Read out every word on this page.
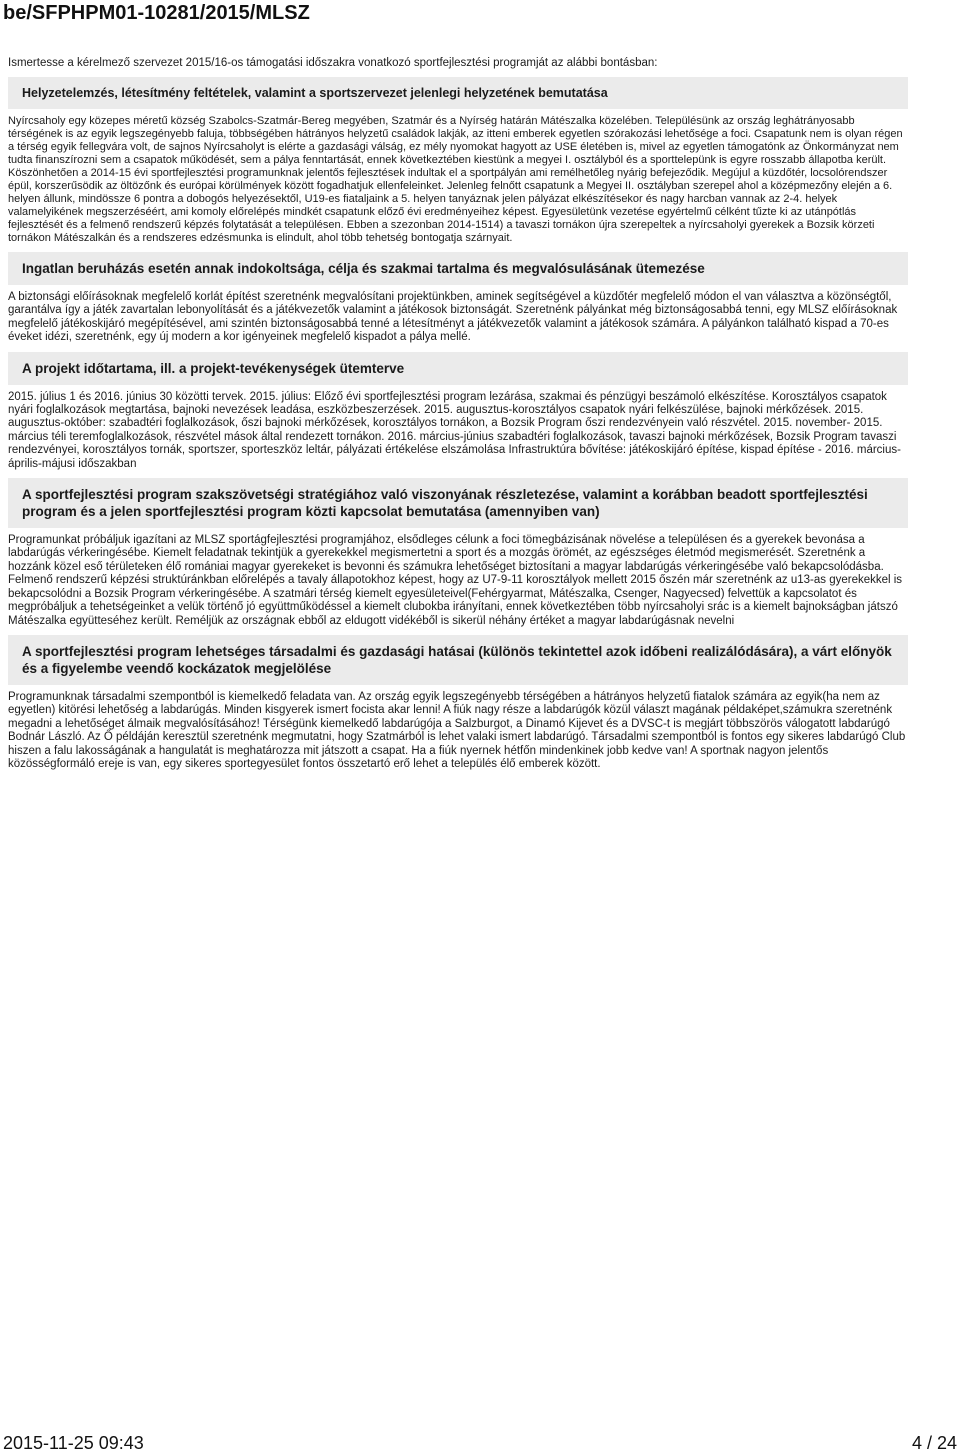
be/SFPHPM01-10281/2015/MLSZ

Ismertesse a kérelmező szervezet 2015/16-os támogatási időszakra vonatkozó sportfejlesztési programját az alábbi bontásban:

Helyzetelemzés, létesítmény feltételek, valamint a sportszervezet jelenlegi helyzetének bemutatása

Nyírcsaholy egy közepes méretű község Szabolcs-Szatmár-Bereg megyében, Szatmár és a Nyírség határán Mátészalka közelében. Településünk az ország leghátrányosabb térségének is az egyik legszegényebb faluja, többségében hátrányos helyzetű családok lakják, az itteni emberek egyetlen szórakozási lehetősége a foci. Csapatunk nem is olyan régen a térség egyik fellegvára volt, de sajnos Nyírcsaholyt is elérte a gazdasági válság, ez mély nyomokat hagyott az USE életében is, mivel az egyetlen támogatónk az Önkormányzat nem tudta finanszírozni sem a csapatok működését, sem a pálya fenntartását, ennek következtében kiestünk a megyei I. osztályból és a sporttelepünk is egyre rosszabb állapotba került. Köszönhetően a 2014-15 évi sportfejlesztési programunknak jelentős fejlesztések indultak el a sportpályán ami remélhetőleg nyárig befejeződik. Megújul a küzdőtér, locsolórendszer épül, korszerűsödik az öltözőnk és európai körülmények között fogadhatjuk ellenfeleinket. Jelenleg felnőtt csapatunk a Megyei II. osztályban szerepel ahol a középmezőny elején a 6. helyen állunk, mindössze 6 pontra a dobogós helyezésektől, U19-es fiataljaink a 5. helyen tanyáznak jelen pályázat elkészítésekor és nagy harcban vannak az 2-4. helyek valamelyikének megszerzéséért, ami komoly előrelépés mindkét csapatunk előző évi eredményeihez képest. Egyesületünk vezetése egyértelmű célként tűzte ki az utánpótlás fejlesztését és a felmenő rendszerű képzés folytatását a településen. Ebben a szezonban 2014-1514) a tavaszi tornákon újra szerepeltek a nyírcsaholyi gyerekek a Bozsik körzeti tornákon Mátészalkán és a rendszeres edzésmunka is elindult, ahol több tehetség bontogatja szárnyait.

Ingatlan beruházás esetén annak indokoltsága, célja és szakmai tartalma és megvalósulásának ütemezése

A biztonsági előírásoknak megfelelő korlát építést szeretnénk megvalósítani projektünkben, aminek segítségével a küzdőtér megfelelő módon el van választva a közönségtől, garantálva így a játék zavartalan lebonyolítását és a játékvezetők valamint a játékosok biztonságát. Szeretnénk pályánkat még biztonságosabbá tenni, egy MLSZ előírásoknak megfelelő játékoskijáró megépítésével, ami szintén biztonságosabbá tenné a létesítményt a játékvezetők valamint a játékosok számára. A pályánkon található kispad a 70-es éveket idézi, szeretnénk, egy új modern a kor igényeinek megfelelő kispadot a pálya mellé.

A projekt időtartama, ill. a projekt-tevékenységek ütemterve

2015. július 1 és 2016. június 30 közötti tervek. 2015. július: Előző évi sportfejlesztési program lezárása, szakmai és pénzügyi beszámoló elkészítése. Korosztályos csapatok nyári foglalkozások megtartása, bajnoki nevezések leadása, eszközbeszerzések. 2015. augusztus-korosztályos csapatok nyári felkészülése, bajnoki mérkőzések. 2015. augusztus-október: szabadtéri foglalkozások, őszi bajnoki mérkőzések, korosztályos tornákon, a Bozsik Program őszi rendezvényein való részvétel. 2015. november- 2015. március téli teremfoglalkozások, részvétel mások által rendezett tornákon. 2016. március-június szabadtéri foglalkozások, tavaszi bajnoki mérkőzések, Bozsik Program tavaszi rendezvényei, korosztályos tornák, sportszer, sporteszköz leltár, pályázati értékelése elszámolása Infrastruktúra bővítése: játékoskijáró építése, kispad építése - 2016. március-április-májusi időszakban

A sportfejlesztési program szakszövetségi stratégiához való viszonyának részletezése, valamint a korábban beadott sportfejlesztési program és a jelen sportfejlesztési program közti kapcsolat bemutatása (amennyiben van)

Programunkat próbáljuk igazítani az MLSZ sportágfejlesztési programjához, elsődleges célunk a foci tömegbázisának növelése a településen és a gyerekek bevonása a labdarúgás vérkeringésébe. Kiemelt feladatnak tekintjük a gyerekekkel megismertetni a sport és a mozgás örömét, az egészséges életmód megismerését. Szeretnénk a hozzánk közel eső térületeken élő romániai magyar gyerekeket is bevonni és számukra lehetőséget biztosítani a magyar labdarúgás vérkeringésébe való bekapcsolódásba. Felmenő rendszerű képzési struktúránkban előrelépés a tavaly állapotokhoz képest, hogy az U7-9-11 korosztályok mellett 2015 őszén már szeretnénk az u13-as gyerekekkel is bekapcsolódni a Bozsik Program vérkeringésébe. A szatmári térség kiemelt egyesületeivel(Fehérgyarmat, Mátészalka, Csenger, Nagyecsed) felvettük a kapcsolatot és megpróbáljuk a tehetségeinket a velük történő jó együttműködéssel a kiemelt clubokba irányítani, ennek következtében több nyírcsaholyi srác is a kiemelt bajnokságban játszó Mátészalka együtteséhez került. Reméljük az országnak ebből az eldugott vidékéből is sikerül néhány értéket a magyar labdarúgásnak nevelni

A sportfejlesztési program lehetséges társadalmi és gazdasági hatásai (különös tekintettel azok időbeni realizálódására), a várt előnyök és a figyelembe veendő kockázatok megjelölése

Programunknak társadalmi szempontból is kiemelkedő feladata van. Az ország egyik legszegényebb térségében a hátrányos helyzetű fiatalok számára az egyik(ha nem az egyetlen) kitörési lehetőség a labdarúgás. Minden kisgyerek ismert focista akar lenni! A fiúk nagy része a labdarúgók közül választ magának példaképet,számukra szeretnénk megadni a lehetőséget álmaik megvalósításához! Térségünk kiemelkedő labdarúgója a Salzburgot, a Dinamó Kijevet és a DVSC-t is megjárt többszörös válogatott labdarúgó Bodnár László. Az Ő példáján keresztül szeretnénk megmutatni, hogy Szatmárból is lehet valaki ismert labdarúgó. Társadalmi szempontból is fontos egy sikeres labdarúgó Club hiszen a falu lakosságának a hangulatát is meghatározza mit játszott a csapat. Ha a fiúk nyernek hétfőn mindenkinek jobb kedve van! A sportnak nagyon jelentős közösségformáló ereje is van, egy sikeres sportegyesület fontos összetartó erő lehet a település élő emberek között.

2015-11-25 09:43	4 / 24
